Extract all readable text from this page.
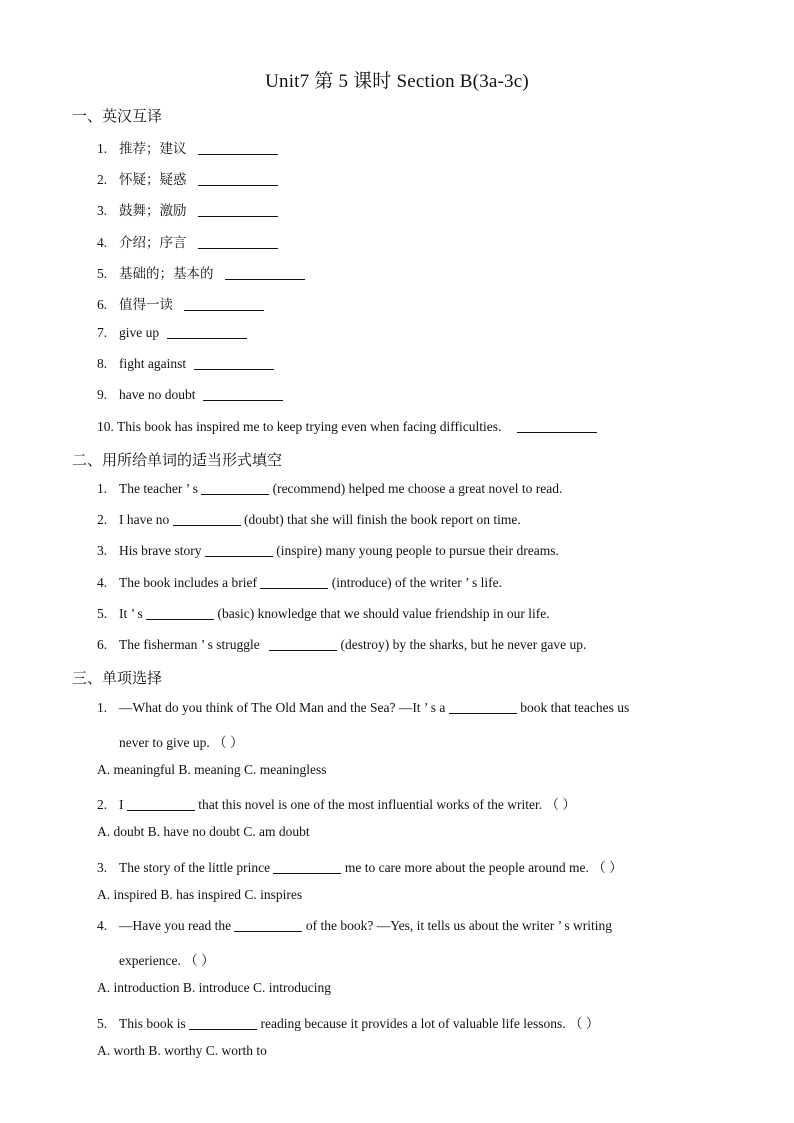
Unit7 第 5 课时 Section B(3a-3c)
一、英汉互译
1. 推荐；建议
2. 怀疑；疑惑
3. 鼓舞；激励
4. 介绍；序言
5. 基础的；基本的
6. 值得一读
7. give up
8. fight against
9. have no doubt
10. This book has inspired me to keep trying even when facing difficulties.
二、用所给单词的适当形式填空
1. The teacher ’ s	(recommend) helped me choose a great novel to read.
2. I have no	(doubt) that she will finish the book report on time.
3. His brave story	(inspire) many young people to pursue their dreams.
4. The book includes a brief	(introduce) of the writer ’ s life.
5. It ’ s	(basic) knowledge that we should value friendship in our life.
6. The fisherman ’ s struggle	(destroy) by the sharks, but he never gave up.
三、单项选择
1. —What do you think of The Old Man and the Sea? —It ’ s a	book that teaches us
never to give up. （ ）
A. meaningful B. meaning C. meaningless
2. I	that this novel is one of the most influential works of the writer. （ ）
A. doubt B. have no doubt C. am doubt
3. The story of the little prince	me to care more about the people around me. （ ）
A. inspired B. has inspired C. inspires
4. —Have you read the	of the book? —Yes, it tells us about the writer ’ s writing
experience. （ ）
A. introduction B. introduce C. introducing
5. This book is	reading because it provides a lot of valuable life lessons. （ ）
A. worth B. worthy C. worth to
